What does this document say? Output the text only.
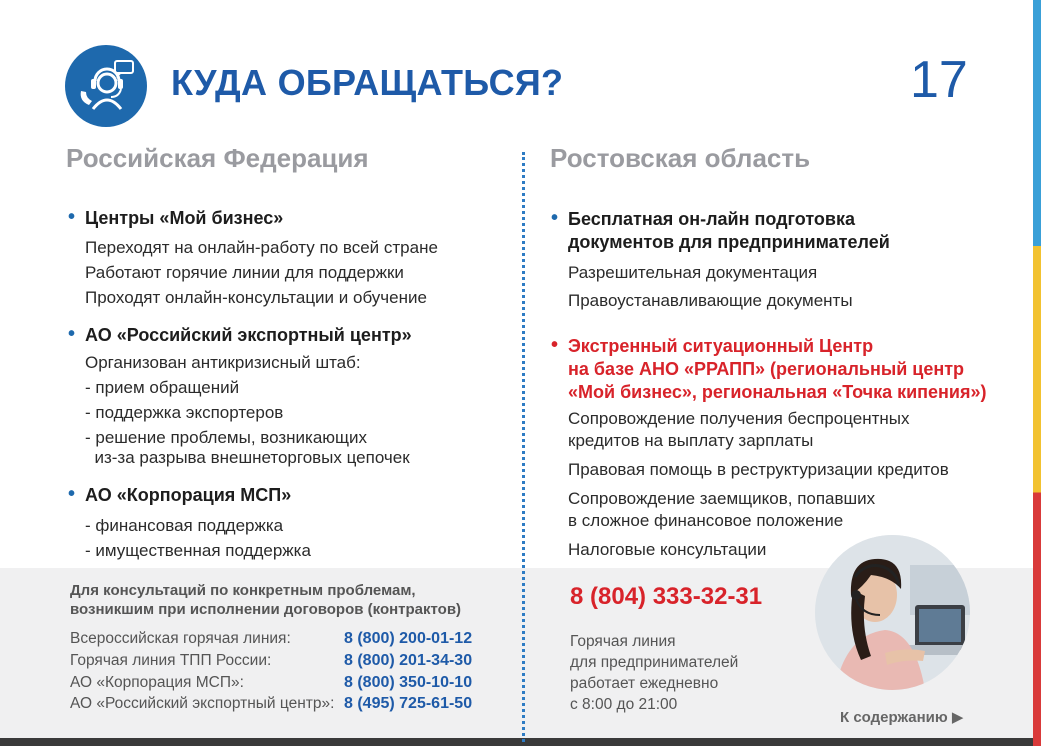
КУДА ОБРАЩАТЬСЯ?	17
Российская Федерация	Ростовская область
• Центры «Мой бизнес»
Переходят на онлайн-работу по всей стране
Работают горячие линии для поддержки
Проходят онлайн-консультации и обучение
• АО «Российский экспортный центр»
Организован антикризисный штаб:
- прием обращений
- поддержка экспортеров
- решение проблемы, возникающих
из-за разрыва внешнеторговых цепочек
• АО «Корпорация МСП»
- финансовая поддержка
- имущественная поддержка
• Бесплатная он-лайн подготовка
документов для предпринимателей
Разрешительная документация
Правоустанавливающие документы
• Экстренный ситуационный Центр
на базе АНО «РРАПП» (региональный центр
«Мой бизнес», региональная «Точка кипения»)
Сопровождение получения беспроцентных
кредитов на выплату зарплаты
Правовая помощь в реструктуризации кредитов
Сопровождение заемщиков, попавших
в сложное финансовое положение
Налоговые консультации
Для консультаций по конкретным проблемам,
возникшим при исполнении договоров (контрактов)
Всероссийская горячая линия:	8 (800) 200-01-12
Горячая линия ТПП России:	8 (800) 201-34-30
АО «Корпорация МСП»:	8 (800) 350-10-10
АО «Российский экспортный центр»: 8 (495) 725-61-50
8 (804) 333-32-31
Горячая линия
для предпринимателей
работает ежедневно
с 8:00 до 21:00
К содержанию ▶
